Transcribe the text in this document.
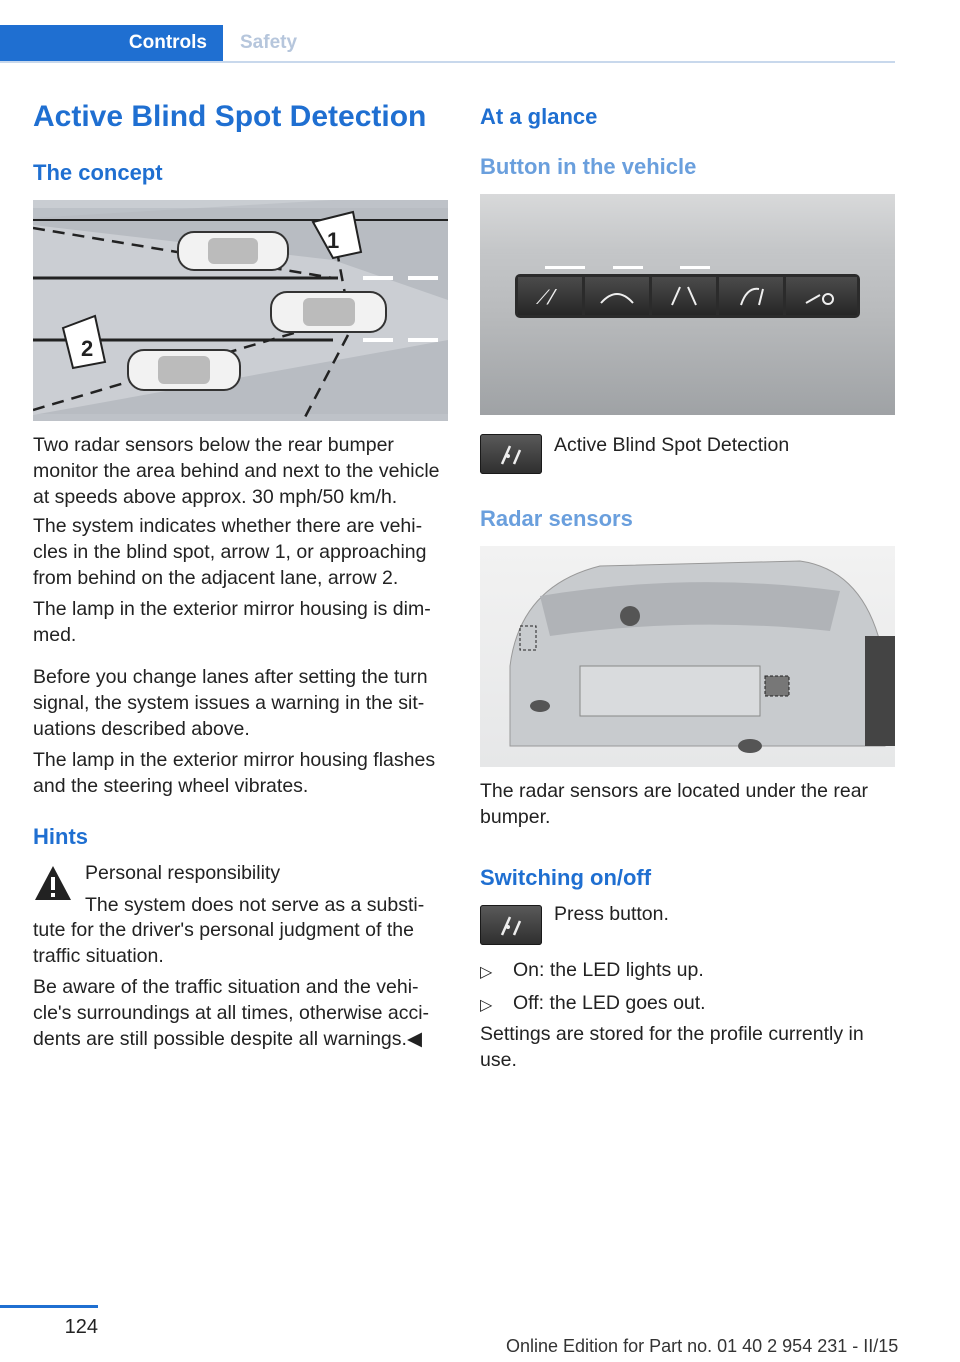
Controls	Safety
Active Blind Spot Detection
The concept
1
2
Two radar sensors below the rear bumper monitor the area behind and next to the vehicle at speeds above approx. 30 mph/50 km/h.
The system indicates whether there are vehi- cles in the blind spot, arrow 1, or approaching from behind on the adjacent lane, arrow 2.
The lamp in the exterior mirror housing is dim- med.
Before you change lanes after setting the turn signal, the system issues a warning in the sit- uations described above.
The lamp in the exterior mirror housing flashes and the steering wheel vibrates.
Hints
Personal responsibility
The system does not serve as a substi-
tute for the driver's personal judgment of the traffic situation.
Be aware of the traffic situation and the vehi- cle's surroundings at all times, otherwise acci- dents are still possible despite all warnings.◀
At a glance
Button in the vehicle
⟋⁄
Active Blind Spot Detection
Radar sensors
The radar sensors are located under the rear bumper.
Switching on/off
Press button.
▷ On: the LED lights up.
▷ Off: the LED goes out.
Settings are stored for the profile currently in use.
124
Online Edition for Part no. 01 40 2 954 231 - II/15
